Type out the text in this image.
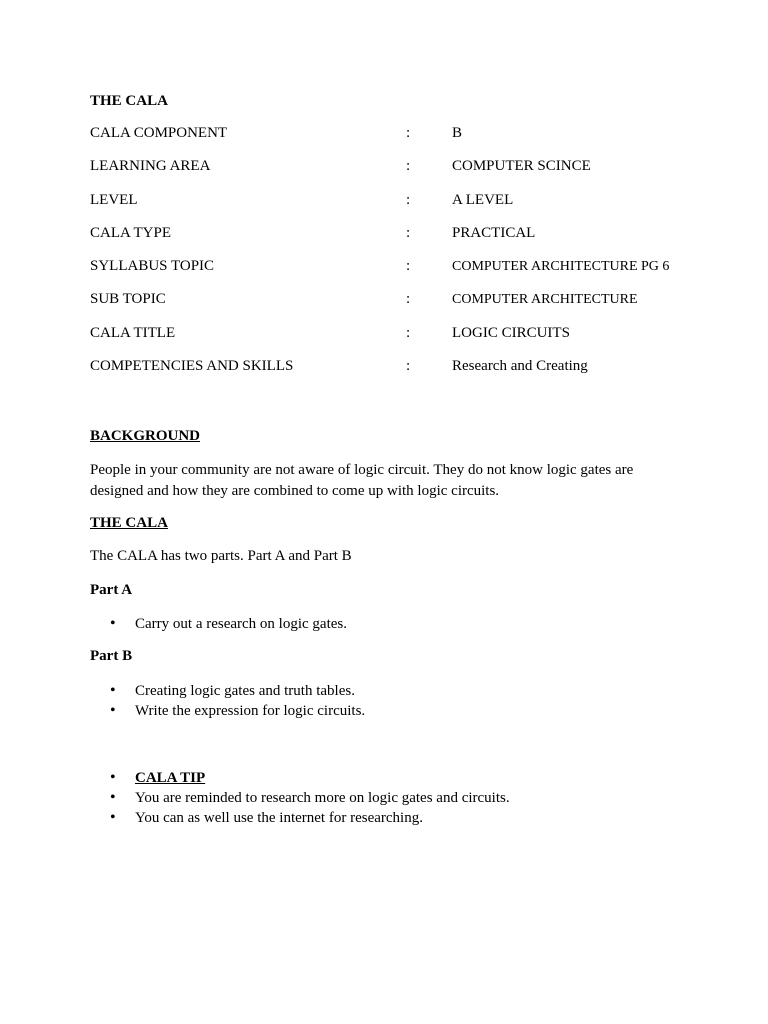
THE CALA
CALA COMPONENT	:	B
LEARNING AREA	:	COMPUTER SCINCE
LEVEL	:	A LEVEL
CALA TYPE	:	PRACTICAL
SYLLABUS TOPIC	:	COMPUTER ARCHITECTURE PG 6
SUB TOPIC	:	COMPUTER ARCHITECTURE
CALA TITLE	:	LOGIC CIRCUITS
COMPETENCIES AND SKILLS	:	Research and Creating
BACKGROUND
People in your community are not aware of logic circuit. They do not know logic gates are designed and how they are combined to come up with logic circuits.
THE CALA
The CALA has two parts. Part A and Part B
Part A
• Carry out a research on logic gates.
Part B
• Creating logic gates and truth tables.
• Write the expression for logic circuits.
• CALA TIP
• You are reminded to research more on logic gates and circuits.
• You can as well use the internet for researching.
